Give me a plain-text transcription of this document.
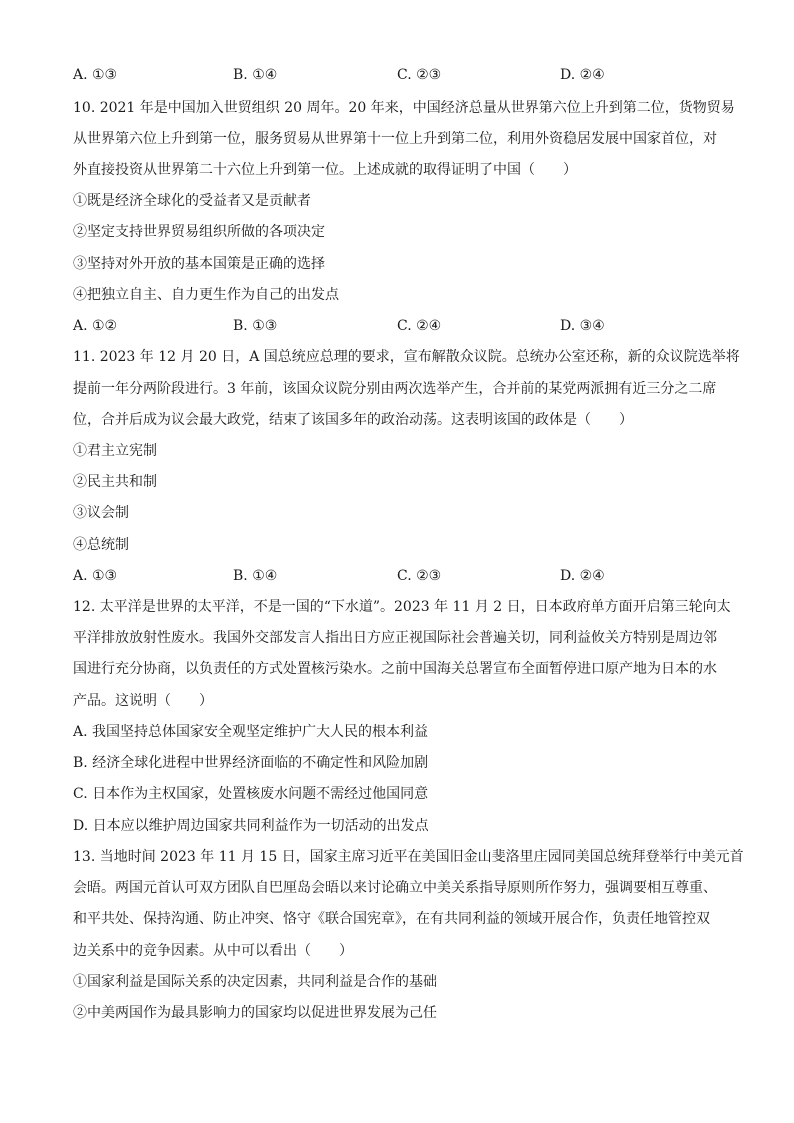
A. ①③	B. ①④	C. ②③	D. ②④
10. 2021 年是中国加入世贸组织 20 周年。20 年来，中国经济总量从世界第六位上升到第二位，货物贸易
从世界第六位上升到第一位，服务贸易从世界第十一位上升到第二位，利用外资稳居发展中国家首位，对
外直接投资从世界第二十六位上升到第一位。上述成就的取得证明了中国（　　）
①既是经济全球化的受益者又是贡献者
②坚定支持世界贸易组织所做的各项决定
③坚持对外开放的基本国策是正确的选择
④把独立自主、自力更生作为自己的出发点
A. ①②	B. ①③	C. ②④	D. ③④
11. 2023 年 12 月 20 日，A 国总统应总理的要求，宣布解散众议院。总统办公室还称，新的众议院选举将
提前一年分两阶段进行。3 年前，该国众议院分别由两次选举产生，合并前的某党两派拥有近三分之二席
位，合并后成为议会最大政党，结束了该国多年的政治动荡。这表明该国的政体是（　　）
①君主立宪制
②民主共和制
③议会制
④总统制
A. ①③	B. ①④	C. ②③	D. ②④
12. 太平洋是世界的太平洋，不是一国的“下水道”。2023 年 11 月 2 日，日本政府单方面开启第三轮向太
平洋排放放射性废水。我国外交部发言人指出日方应正视国际社会普遍关切，同利益攸关方特别是周边邻
国进行充分协商，以负责任的方式处置核污染水。之前中国海关总署宣布全面暂停进口原产地为日本的水
产品。这说明（　　）
A. 我国坚持总体国家安全观坚定维护广大人民的根本利益
B. 经济全球化进程中世界经济面临的不确定性和风险加剧
C. 日本作为主权国家，处置核废水问题不需经过他国同意
D. 日本应以维护周边国家共同利益作为一切活动的出发点
13. 当地时间 2023 年 11 月 15 日，国家主席习近平在美国旧金山斐洛里庄园同美国总统拜登举行中美元首
会晤。两国元首认可双方团队自巴厘岛会晤以来讨论确立中美关系指导原则所作努力，强调要相互尊重、
和平共处、保持沟通、防止冲突、恪守《联合国宪章》，在有共同利益的领域开展合作，负责任地管控双
边关系中的竞争因素。从中可以看出（　　）
①国家利益是国际关系的决定因素，共同利益是合作的基础
②中美两国作为最具影响力的国家均以促进世界发展为己任
